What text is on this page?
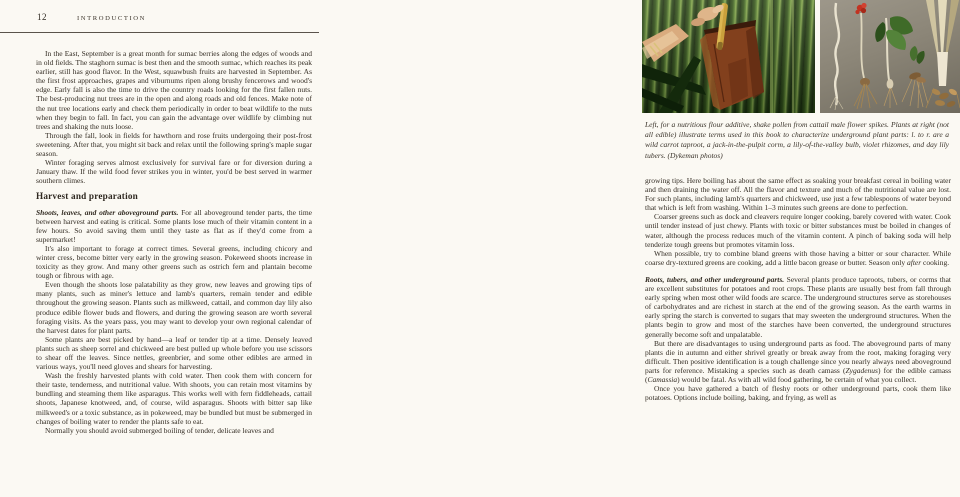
12	INTRODUCTION

In the East, September is a great month for sumac berries along the edges of woods and in old fields. The staghorn sumac is best then and the smooth sumac, which reaches its peak earlier, still has good flavor. In the West, squawbush fruits are harvested in September. As the first frost approaches, grapes and viburnums ripen along brushy fencerows and wood's edge. Early fall is also the time to drive the country roads looking for the first fallen nuts. The best-producing nut trees are in the open and along roads and old fences. Make note of the nut tree locations early and check them periodically in order to beat wildlife to the nuts when they begin to fall. In fact, you can gain the advantage over wildlife by climbing nut trees and shaking the nuts loose.

Through the fall, look in fields for hawthorn and rose fruits undergoing their post-frost sweetening. After that, you might sit back and relax until the following spring's maple sugar season.

Winter foraging serves almost exclusively for survival fare or for diversion during a January thaw. If the wild food fever strikes you in winter, you'd be best served in warmer southern climes.

Harvest and preparation

Shoots, leaves, and other aboveground parts. For all aboveground tender parts, the time between harvest and eating is critical. Some plants lose much of their vitamin content in a few hours. So avoid saving them until they taste as flat as if they'd come from a supermarket!

It's also important to forage at correct times. Several greens, including chicory and winter cress, become bitter very early in the growing season. Pokeweed shoots increase in toxicity as they grow. And many other greens such as ostrich fern and plantain become tough or fibrous with age.

Even though the shoots lose palatability as they grow, new leaves and growing tips of many plants, such as miner's lettuce and lamb's quarters, remain tender and edible throughout the growing season. Plants such as milkweed, cattail, and common day lily also produce edible flower buds and flowers, and during the growing season are worth several foraging visits. As the years pass, you may want to develop your own regional calendar of the harvest dates for plant parts.

Some plants are best picked by hand—a leaf or tender tip at a time. Densely leaved plants such as sheep sorrel and chickweed are best pulled up whole before you use scissors to shear off the leaves. Since nettles, greenbrier, and some other edibles are armed in various ways, you'll need gloves and shears for harvesting.

Wash the freshly harvested plants with cold water. Then cook them with concern for their taste, tenderness, and nutritional value. With shoots, you can retain most vitamins by bundling and steaming them like asparagus. This works well with fern fiddleheads, cattail shoots, Japanese knotweed, and, of course, wild asparagus. Shoots with bitter sap like milkweed's or a toxic substance, as in pokeweed, may be bundled but must be submerged in changes of boiling water to render the plants safe to eat.

Normally you should avoid submerged boiling of tender, delicate leaves and

Left, for a nutritious flour additive, shake pollen from cattail male flower spikes. Plants at right (not all edible) illustrate terms used in this book to characterize underground plant parts: l. to r. are a wild carrot taproot, a jack-in-the-pulpit corm, a lily-of-the-valley bulb, violet rhizomes, and day lily tubers. (Dykeman photos)

growing tips. Here boiling has about the same effect as soaking your breakfast cereal in boiling water and then draining the water off. All the flavor and texture and much of the nutritional value are lost. For such plants, including lamb's quarters and chickweed, use just a few tablespoons of water beyond that which is left from washing. Within 1–3 minutes such greens are done to perfection.

Coarser greens such as dock and cleavers require longer cooking, barely covered with water. Cook until tender instead of just chewy. Plants with toxic or bitter substances must be boiled in changes of water, although the process reduces much of the vitamin content. A pinch of baking soda will help tenderize tough greens but promotes vitamin loss.

When possible, try to combine bland greens with those having a bitter or sour character. While coarse dry-textured greens are cooking, add a little bacon grease or butter. Season only after cooking.

Roots, tubers, and other underground parts. Several plants produce taproots, tubers, or corms that are excellent substitutes for potatoes and root crops. These plants are usually best from fall through early spring when most other wild foods are scarce. The underground structures serve as storehouses of carbohydrates and are richest in starch at the end of the growing season. As the earth warms in early spring the starch is converted to sugars that may sweeten the underground structures. When the plants begin to grow and most of the starches have been converted, the underground structures generally become soft and unpalatable.

But there are disadvantages to using underground parts as food. The aboveground parts of many plants die in autumn and either shrivel greatly or break away from the root, making foraging very difficult. Then positive identification is a tough challenge since you nearly always need aboveground parts for reference. Mistaking a species such as death camass (Zygadenus) for the edible camass (Camassia) would be fatal. As with all wild food gathering, be certain of what you collect.

Once you have gathered a batch of fleshy roots or other underground parts, cook them like potatoes. Options include boiling, baking, and frying, as well as
